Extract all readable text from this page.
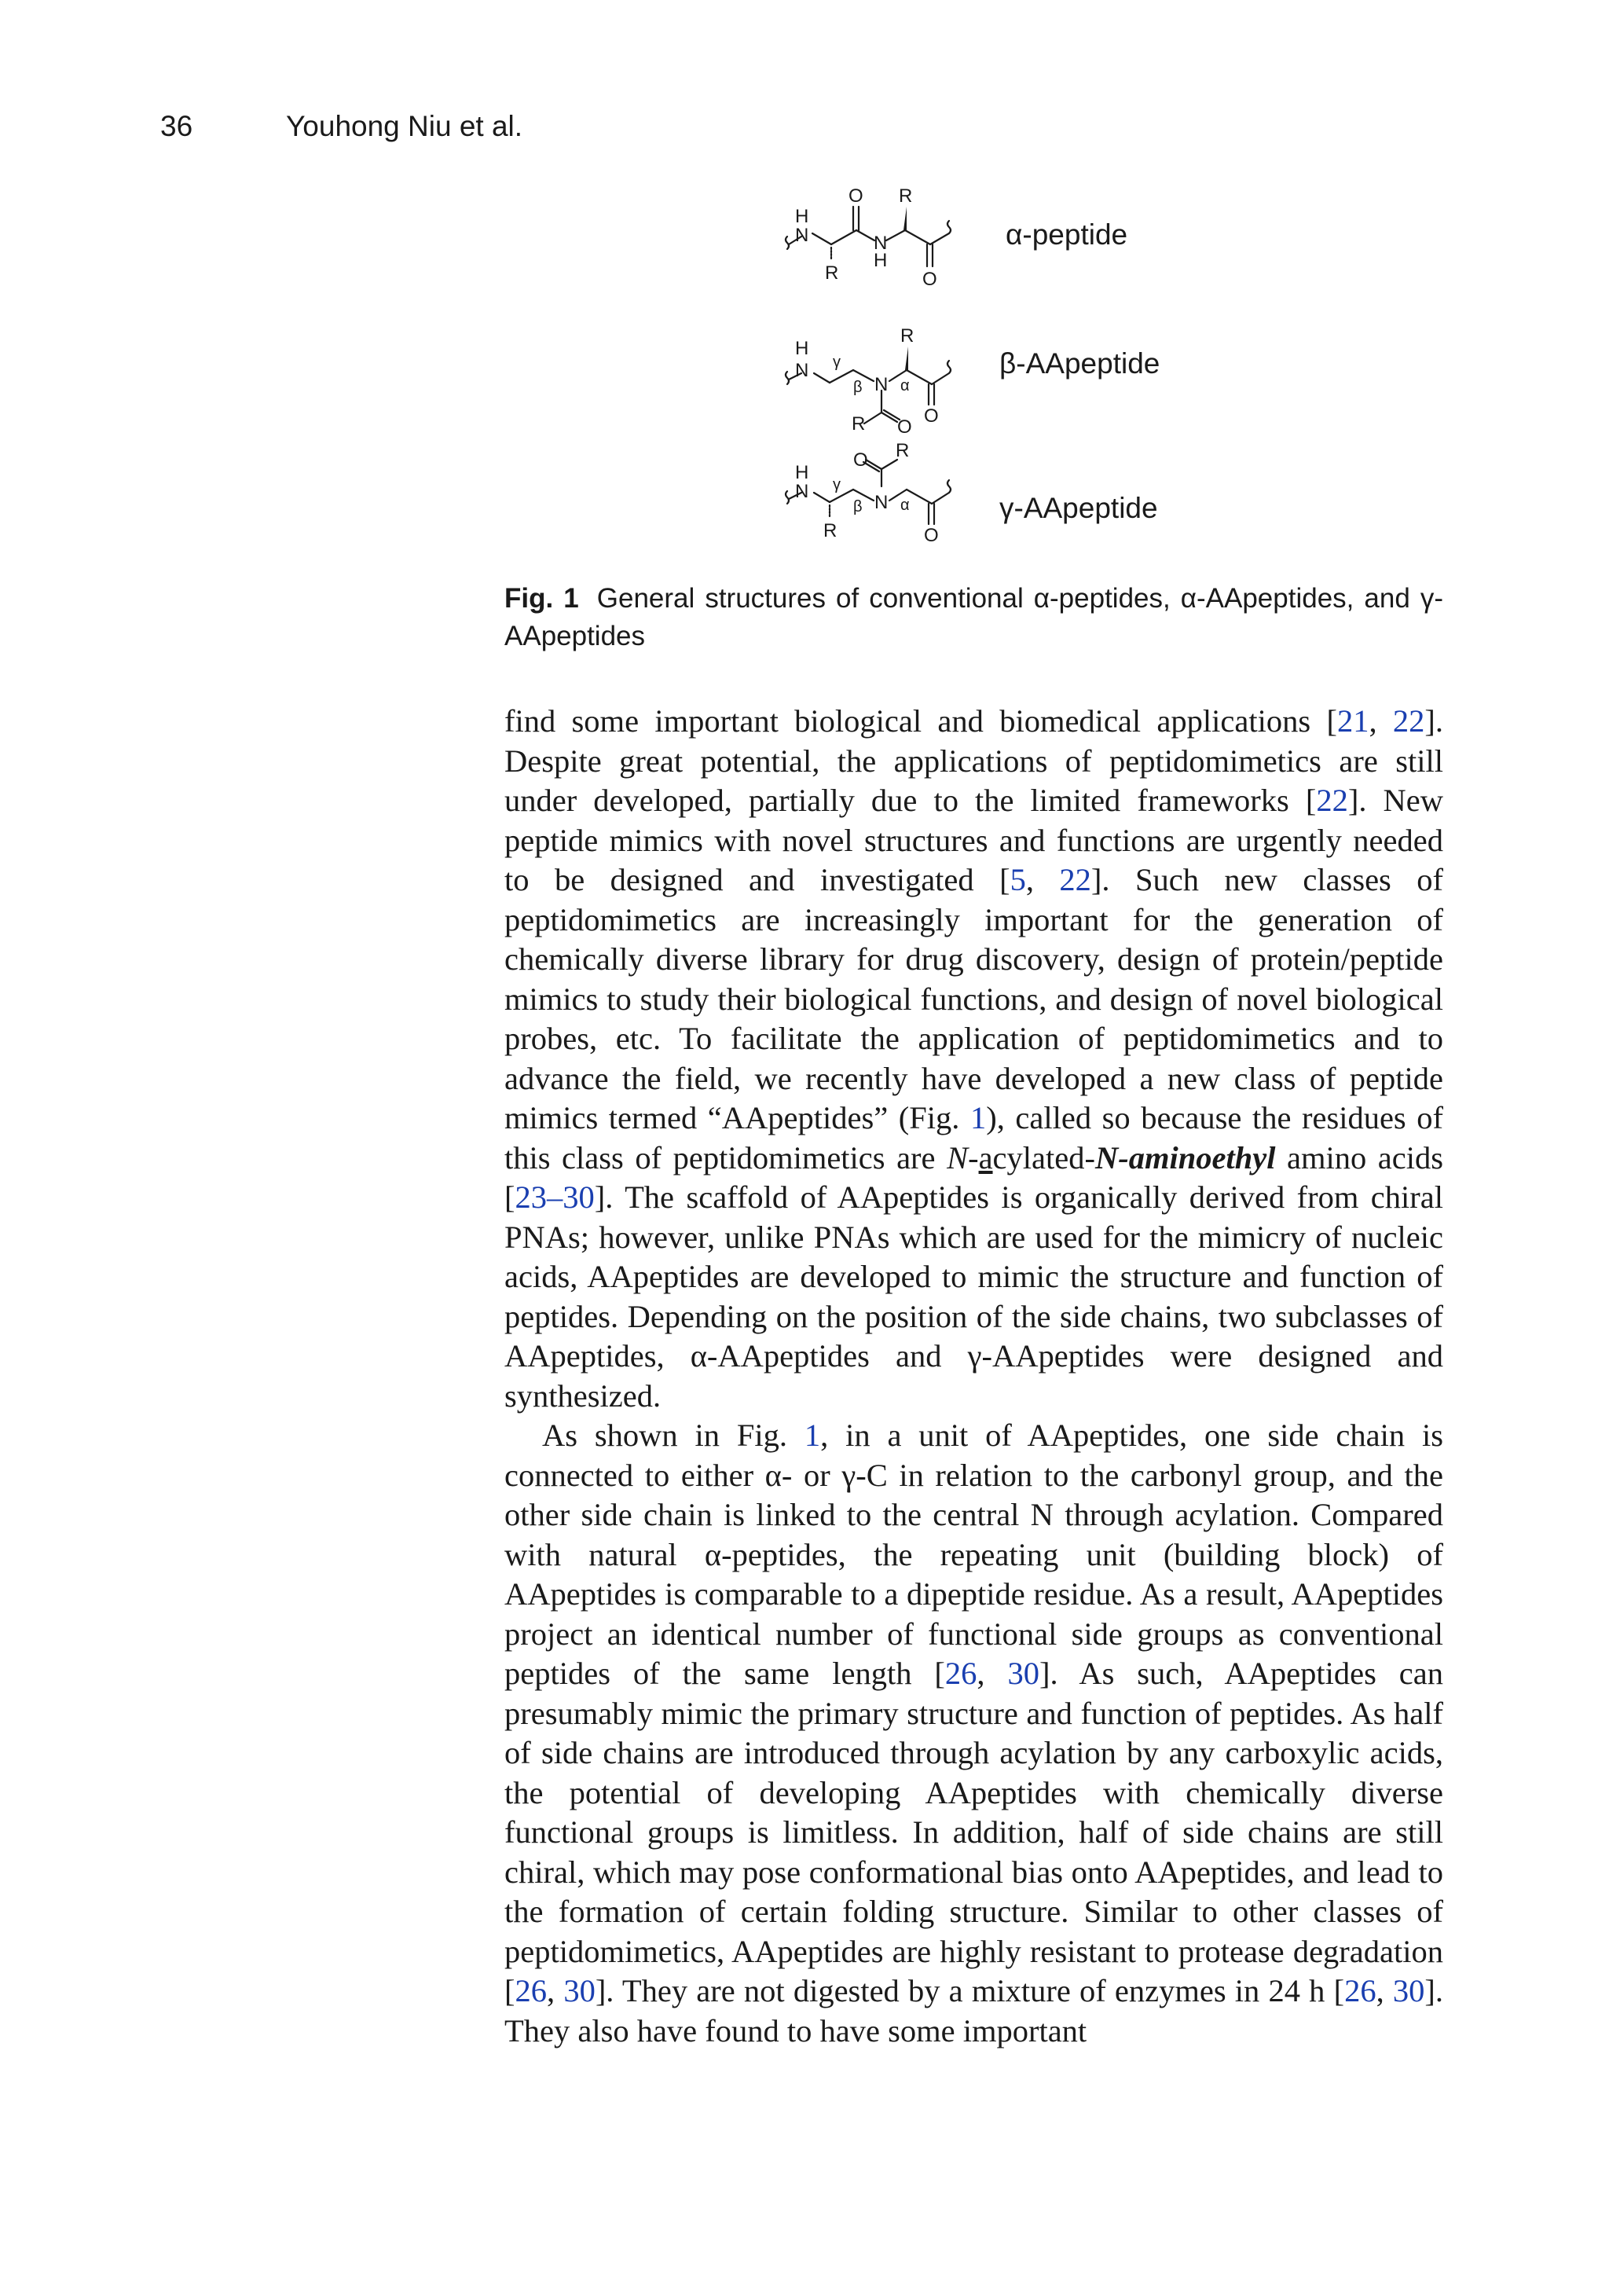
36	Youhong Niu et al.
H
N
O R
N
H
R	O
H
N γ
R
β N α
O
R O
H
N γ
O R
β N α
R	O
α-peptide
β-AApeptide
γ-AApeptide
Fig. 1 General structures of conventional α-peptides, α-AApeptides, and γ-AApeptides

find some important biological and biomedical applications [21, 22]. Despite great potential, the applications of peptidomimetics are still under developed, partially due to the limited frameworks [22]. New peptide mimics with novel structures and functions are urgently needed to be designed and investigated [5, 22]. Such new classes of peptidomimetics are increasingly important for the generation of chemically diverse library for drug discovery, design of protein/peptide mimics to study their biological functions, and design of novel biological probes, etc. To facilitate the application of peptidomimetics and to advance the field, we recently have developed a new class of peptide mimics termed “AApeptides” (Fig. 1), called so because the residues of this class of peptidomimetics are N-acylated-N-aminoethyl amino acids [23–30]. The scaffold of AApeptides is organically derived from chiral PNAs; however, unlike PNAs which are used for the mimicry of nucleic acids, AApeptides are developed to mimic the structure and function of peptides. Depending on the position of the side chains, two subclasses of AApeptides, α-AApeptides and γ-AApeptides were designed and synthesized.

As shown in Fig. 1, in a unit of AApeptides, one side chain is connected to either α- or γ-C in relation to the carbonyl group, and the other side chain is linked to the central N through acylation. Compared with natural α-peptides, the repeating unit (building block) of AApeptides is comparable to a dipeptide residue. As a result, AApeptides project an identical number of functional side groups as conventional peptides of the same length [26, 30]. As such, AApeptides can presumably mimic the primary structure and function of peptides. As half of side chains are introduced through acylation by any carboxylic acids, the potential of developing AApeptides with chemically diverse functional groups is limitless. In addition, half of side chains are still chiral, which may pose conformational bias onto AApeptides, and lead to the formation of certain folding structure. Similar to other classes of peptidomimetics, AApeptides are highly resistant to protease degradation [26, 30]. They are not digested by a mixture of enzymes in 24 h [26, 30]. They also have found to have some important
